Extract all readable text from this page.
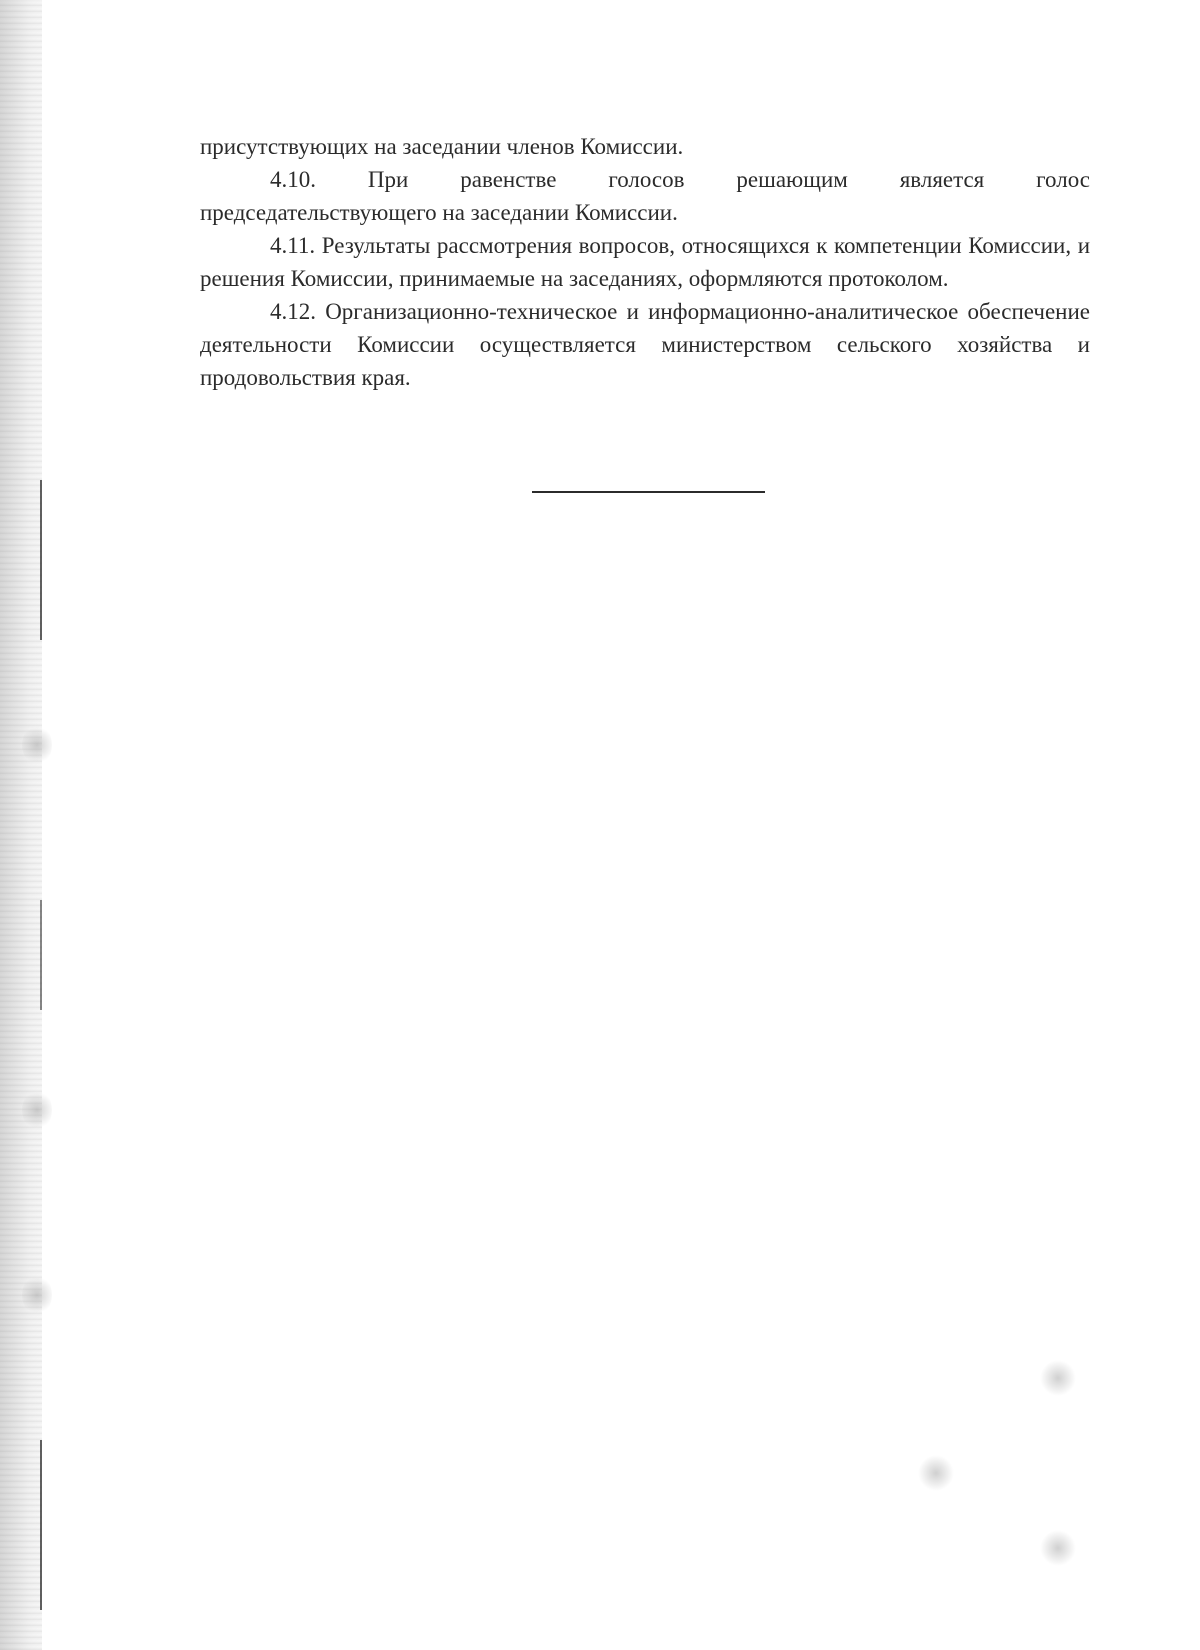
присутствующих на заседании членов Комиссии.

4.10. При равенстве голосов решающим является голос

председательствующего на заседании Комиссии.

4.11. Результаты рассмотрения вопросов, относящихся к компетенции Комиссии, и решения Комиссии, принимаемые на заседаниях, оформляются протоколом.

4.12. Организационно-техническое и информационно-аналитическое обеспечение деятельности Комиссии осуществляется министерством сельского хозяйства и продовольствия края.
